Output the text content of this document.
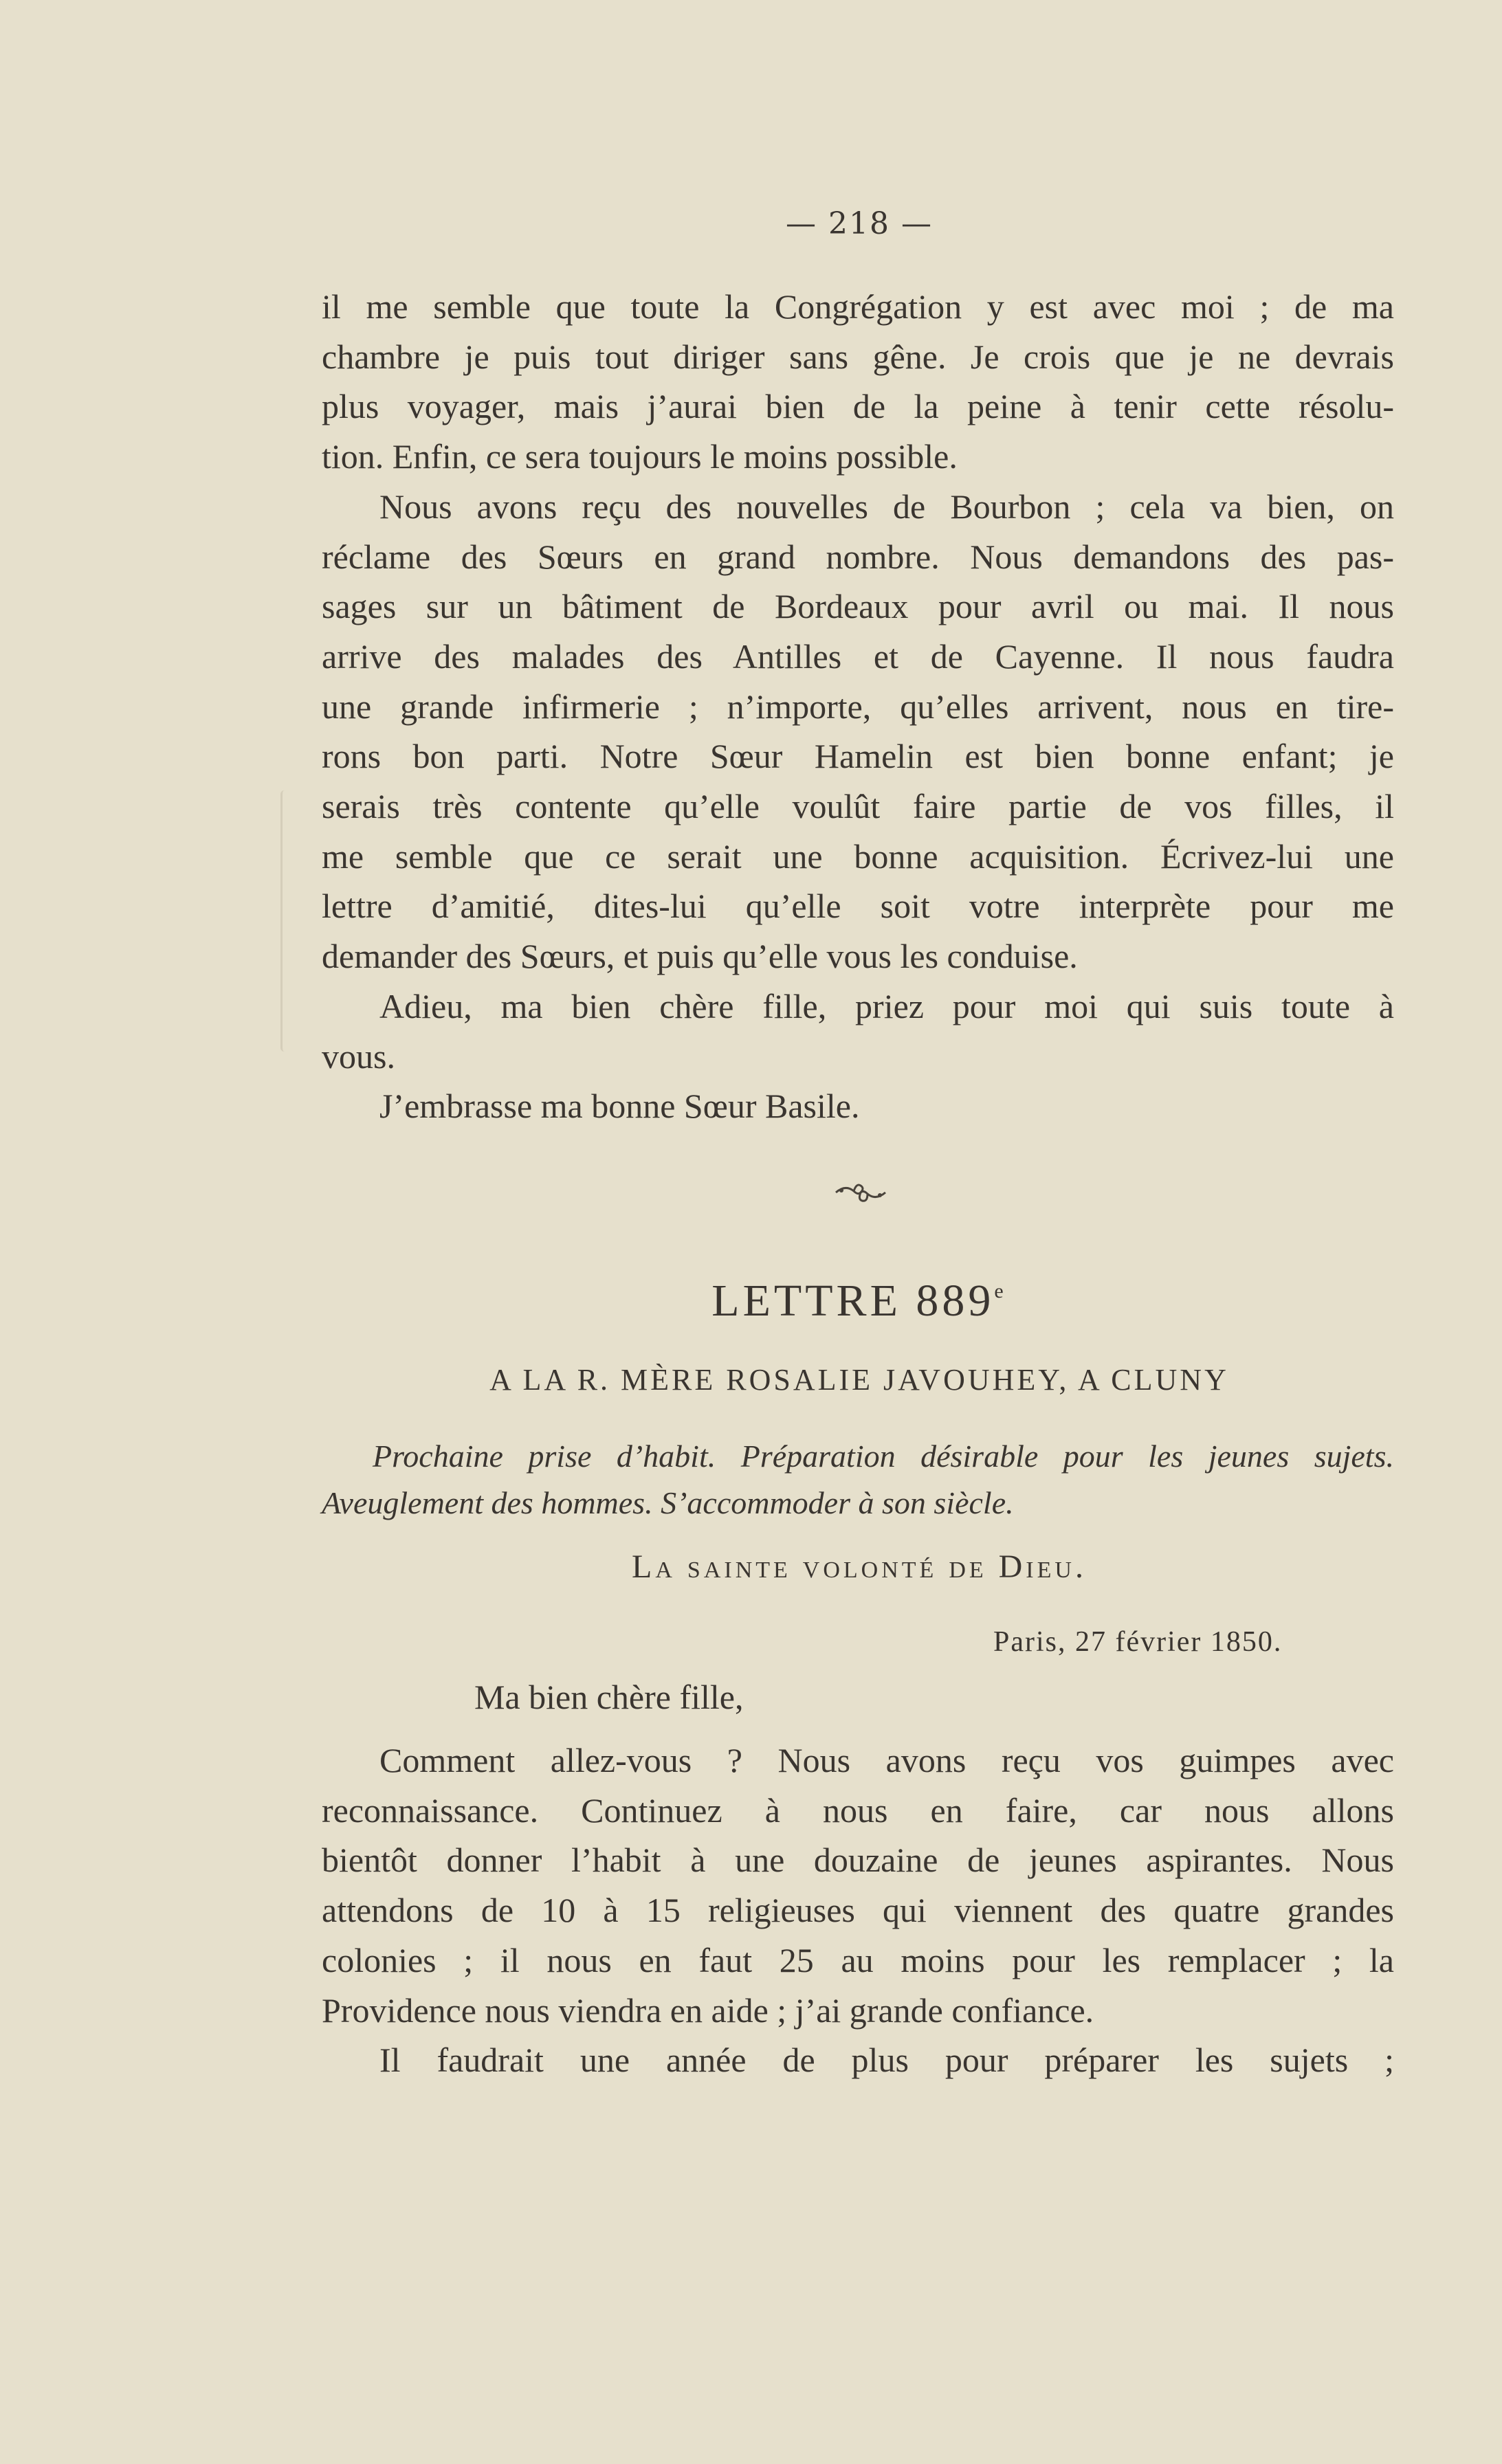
— 218 —

il me semble que toute la Congrégation y est avec moi ; de ma
chambre je puis tout diriger sans gêne. Je crois que je ne devrais
plus voyager, mais j’aurai bien de la peine à tenir cette résolu-
tion. Enfin, ce sera toujours le moins possible.

Nous avons reçu des nouvelles de Bourbon ; cela va bien, on
réclame des Sœurs en grand nombre. Nous demandons des pas-
sages sur un bâtiment de Bordeaux pour avril ou mai. Il nous
arrive des malades des Antilles et de Cayenne. Il nous faudra
une grande infirmerie ; n’importe, qu’elles arrivent, nous en tire-
rons bon parti. Notre Sœur Hamelin est bien bonne enfant; je
serais très contente qu’elle voulût faire partie de vos filles, il
me semble que ce serait une bonne acquisition. Écrivez-lui une
lettre d’amitié, dites-lui qu’elle soit votre interprète pour me
demander des Sœurs, et puis qu’elle vous les conduise.

Adieu, ma bien chère fille, priez pour moi qui suis toute à
vous.

J’embrasse ma bonne Sœur Basile.

LETTRE 889e
A LA R. MÈRE ROSALIE JAVOUHEY, A CLUNY

Prochaine prise d’habit. Préparation désirable pour les jeunes sujets.

Aveuglement des hommes. S’accommoder à son siècle.

La sainte volonté de Dieu.
Paris, 27 février 1850.
Ma bien chère fille,

Comment allez-vous ? Nous avons reçu vos guimpes avec
reconnaissance. Continuez à nous en faire, car nous allons
bientôt donner l’habit à une douzaine de jeunes aspirantes. Nous
attendons de 10 à 15 religieuses qui viennent des quatre grandes
colonies ; il nous en faut 25 au moins pour les remplacer ; la
Providence nous viendra en aide ; j’ai grande confiance.

Il faudrait une année de plus pour préparer les sujets ;
